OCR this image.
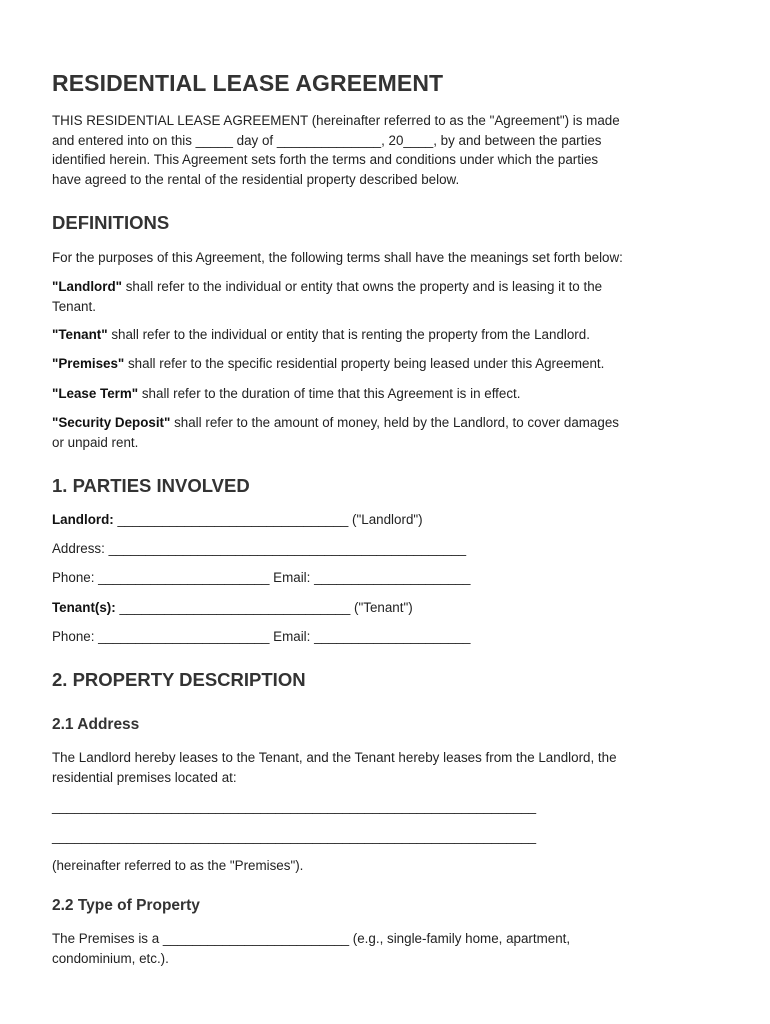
RESIDENTIAL LEASE AGREEMENT

THIS RESIDENTIAL LEASE AGREEMENT (hereinafter referred to as the "Agreement") is made
and entered into on this _____ day of ______________, 20____, by and between the parties
identified herein. This Agreement sets forth the terms and conditions under which the parties
have agreed to the rental of the residential property described below.

DEFINITIONS

For the purposes of this Agreement, the following terms shall have the meanings set forth below:

"Landlord" shall refer to the individual or entity that owns the property and is leasing it to the
Tenant.

"Tenant" shall refer to the individual or entity that is renting the property from the Landlord.

"Premises" shall refer to the specific residential property being leased under this Agreement.

"Lease Term" shall refer to the duration of time that this Agreement is in effect.

"Security Deposit" shall refer to the amount of money, held by the Landlord, to cover damages
or unpaid rent.

1. PARTIES INVOLVED

Landlord: _______________________________ ("Landlord")

Address: ________________________________________________

Phone: _______________________ Email: _____________________

Tenant(s): _______________________________ ("Tenant")

Phone: _______________________ Email: _____________________

2. PROPERTY DESCRIPTION
2.1 Address

The Landlord hereby leases to the Tenant, and the Tenant hereby leases from the Landlord, the
residential premises located at:

_________________________________________________________________

_________________________________________________________________

(hereinafter referred to as the "Premises").

2.2 Type of Property

The Premises is a _________________________ (e.g., single-family home, apartment,
condominium, etc.).
